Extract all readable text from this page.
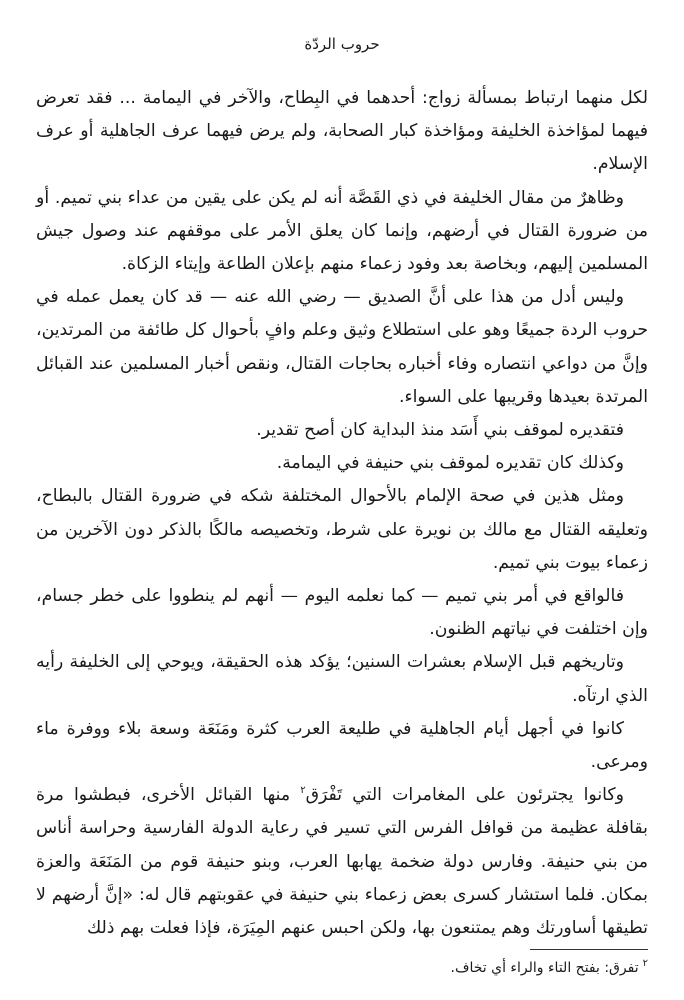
حروب الردّة

لكل منهما ارتباط بمسألة زواج: أحدهما في البِطاح، والآخر في اليمامة ... فقد تعرض فيهما لمؤاخذة الخليفة ومؤاخذة كبار الصحابة، ولم يرض فيهما عرف الجاهلية أو عرف الإسلام.

وظاهرٌ من مقال الخليفة في ذي القَصَّة أنه لم يكن على يقين من عداء بني تميم. أو من ضرورة القتال في أرضهم، وإنما كان يعلق الأمر على موقفهم عند وصول جيش المسلمين إليهم، وبخاصة بعد وفود زعماء منهم بإعلان الطاعة وإيتاء الزكاة.

وليس أدل من هذا على أنَّ الصديق — رضي الله عنه — قد كان يعمل عمله في حروب الردة جميعًا وهو على استطلاع وثيق وعلم وافٍ بأحوال كل طائفة من المرتدين، وإنَّ من دواعي انتصاره وفاء أخباره بحاجات القتال، ونقص أخبار المسلمين عند القبائل المرتدة بعيدها وقريبها على السواء.

فتقديره لموقف بني أَسَد منذ البداية كان أصح تقدير.

وكذلك كان تقديره لموقف بني حنيفة في اليمامة.

ومثل هذين في صحة الإلمام بالأحوال المختلفة شكه في ضرورة القتال بالبطاح، وتعليقه القتال مع مالك بن نويرة على شرط، وتخصيصه مالكًا بالذكر دون الآخرين من زعماء بيوت بني تميم.

فالواقع في أمر بني تميم — كما نعلمه اليوم — أنهم لم ينطووا على خطر جسام، وإن اختلفت في نياتهم الظنون.

وتاريخهم قبل الإسلام بعشرات السنين؛ يؤكد هذه الحقيقة، ويوحي إلى الخليفة رأيه الذي ارتآه.

كانوا في أجهل أيام الجاهلية في طليعة العرب كثرة ومَنَعَة وسعة بلاء ووفرة ماء ومرعى.

وكانوا يجترئون على المغامرات التي تَفْرَق$^٢$ منها القبائل الأخرى، فبطشوا مرة بقافلة عظيمة من قوافل الفرس التي تسير في رعاية الدولة الفارسية وحراسة أناس من بني حنيفة. وفارس دولة ضخمة يهابها العرب، وبنو حنيفة قوم من المَنَعَة والعزة بمكان. فلما استشار كسرى بعض زعماء بني حنيفة في عقوبتهم قال له: «إنَّ أرضهم لا تطيقها أساورتك وهم يمتنعون بها، ولكن احبس عنهم المِيَرَة، فإذا فعلت بهم ذلك

$^٢$تفرق: بفتح التاء والراء أي تخاف.
